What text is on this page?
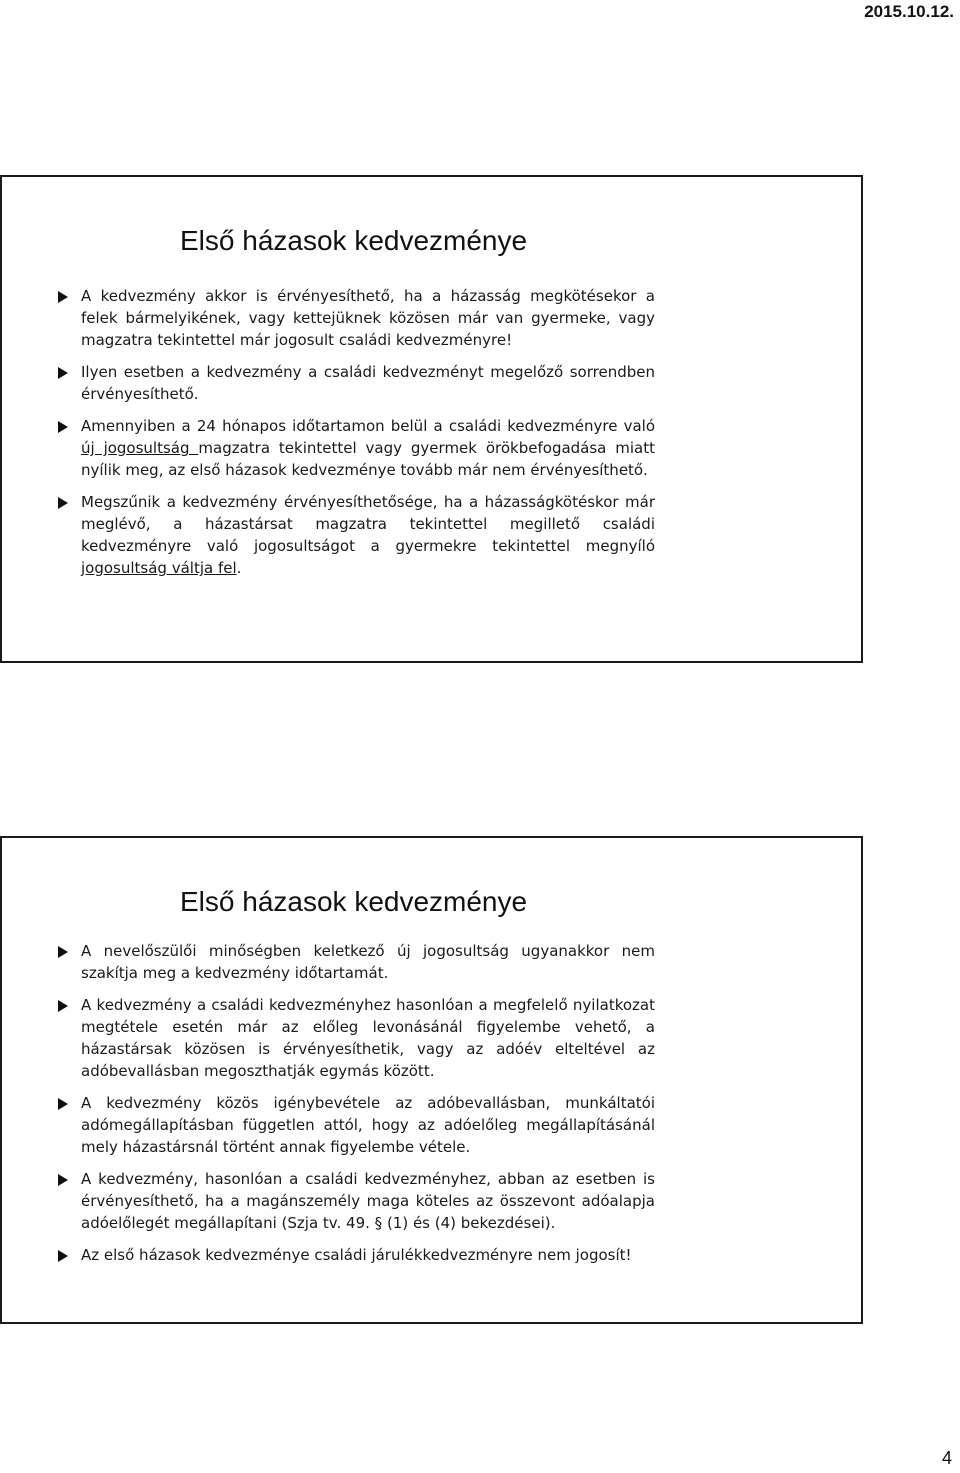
2015.10.12.
Első házasok kedvezménye
A kedvezmény akkor is érvényesíthető, ha a házasság megkötésekor a felek bármelyikének, vagy kettejüknek közösen már van gyermeke, vagy magzatra tekintettel már jogosult családi kedvezményre!
Ilyen esetben a kedvezmény a családi kedvezményt megelőző sorrendben érvényesíthető.
Amennyiben a 24 hónapos időtartamon belül a családi kedvezményre való új jogosultság magzatra tekintettel vagy gyermek örökbefogadása miatt nyílik meg, az első házasok kedvezménye tovább már nem érvényesíthető.
Megszűnik a kedvezmény érvényesíthetősége, ha a házasságkötéskor már meglévő, a házastársat magzatra tekintettel megillető családi kedvezményre való jogosultságot a gyermekre tekintettel megnyíló jogosultság váltja fel.
Első házasok kedvezménye
A nevelőszülői minőségben keletkező új jogosultság ugyanakkor nem szakítja meg a kedvezmény időtartamát.
A kedvezmény a családi kedvezményhez hasonlóan a megfelelő nyilatkozat megtétele esetén már az előleg levonásánál figyelembe vehető, a házastársak közösen is érvényesíthetik, vagy az adóév elteltével az adóbevallásban megoszthatják egymás között.
A kedvezmény közös igénybevétele az adóbevallásban, munkáltatói adómegállapításban független attól, hogy az adóelőleg megállapításánál mely házastársnál történt annak figyelembe vétele.
A kedvezmény, hasonlóan a családi kedvezményhez, abban az esetben is érvényesíthető, ha a magánszemély maga köteles az összevont adóalapja adóelőlegét megállapítani (Szja tv. 49. § (1) és (4) bekezdései).
Az első házasok kedvezménye családi járulékkedvezményre nem jogosít!
4
